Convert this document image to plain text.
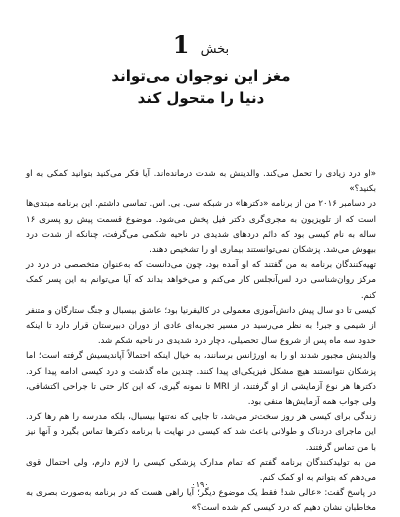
بخش 1
مغز این نوجوان می‌تواند
دنیا را متحول کند

«او درد زیادی را تحمل می‌کند. والدینش به شدت درمانده‌اند. آیا فکر می‌کنید بتوانید کمکی به او بکنید؟»

در دسامبر ۲۰۱۶ من از برنامه «دکترها» در شبکه سی. بی. اس. تماسی داشتم. این برنامه مبتدی‌ها است که از تلویزیون به مجری‌گری دکتر فیل پخش می‌شود. موضوع قسمت پیش رو پسری ۱۶ ساله به نام کیسی بود که دائم دردهای شدیدی در ناحیه شکمی می‌گرفت، چنانکه از شدت درد بیهوش می‌شد. پزشکان نمی‌توانستند بیماری او را تشخیص دهند.

تهیه‌کنندگان برنامه به من گفتند که او آمده بود، چون می‌دانست که به‌عنوان متخصصی در درد در مرکز روان‌شناسی درد لس‌آنجلس کار می‌کنم و می‌خواهد بداند که آیا می‌توانم به این پسر کمک کنم.

کیسی تا دو سال پیش دانش‌آموزی معمولی در کالیفرنیا بود؛ عاشق بیسبال و جنگ ستارگان و متنفر از شیمی و جبر! به نظر می‌رسید در مسیر تجربه‌ای عادی از دوران دبیرستان قرار دارد تا اینکه حدود سه ماه پس از شروع سال تحصیلی، دچار درد شدیدی در ناحیه شکم شد.

والدینش مجبور شدند او را به اورژانس برسانند، به خیال اینکه احتمالاً آپاندیسیش گرفته است؛ اما پزشکان نتوانستند هیچ مشکل فیزیکی‌ای پیدا کنند. چندین ماه گذشت و درد کیسی ادامه پیدا کرد. دکترها هر نوع آزمایشی از او گرفتند، از MRI تا نمونه گیری، که این کار حتی تا جراحی اکتشافی، ولی جواب همه آزمایش‌ها منفی بود.

زندگی برای کیسی هر روز سخت‌تر می‌شد، تا جایی که نه‌تنها بیسبال، بلکه مدرسه را هم رها کرد. این ماجرای دردناک و طولانی باعث شد که کیسی در نهایت با برنامه دکترها تماس بگیرد و آنها نیز با من تماس گرفتند.

من به تولیدکنندگان برنامه گفتم که تمام مدارک پزشکی کیسی را لازم دارم، ولی احتمال قوی می‌دهم که بتوانم به او کمک کنم.

در پاسخ گفت: «عالی شد! فقط یک موضوع دیگر؛ آیا راهی هست که در برنامه به‌صورت بصری به مخاطبان نشان دهیم که درد کیسی کم شده است؟»

۰۱۹۰
